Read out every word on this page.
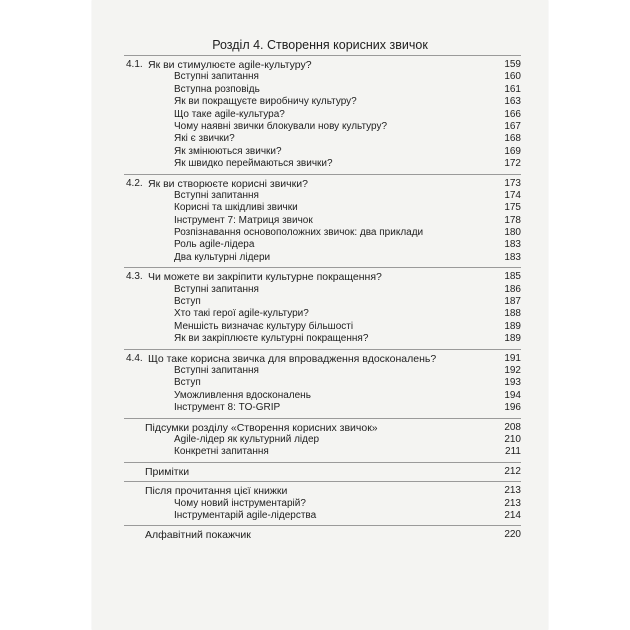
Розділ 4. Створення корисних звичок
4.1. Як ви стимулюєте agile-культуру?	159
Вступні запитання	160
Вступна розповідь	161
Як ви покращуєте виробничу культуру?	163
Що таке agile-культура?	166
Чому наявні звички блокували нову культуру?	167
Які є звички?	168
Як змінюються звички?	169
Як швидко переймаються звички?	172
4.2. Як ви створюєте корисні звички?	173
Вступні запитання	174
Корисні та шкідливі звички	175
Інструмент 7: Матриця звичок	178
Розпізнавання основоположних звичок: два приклади	180
Роль agile-лідера	183
Два культурні лідери	183
4.3. Чи можете ви закріпити культурне покращення?	185
Вступні запитання	186
Вступ	187
Хто такі герої agile-культури?	188
Меншість визначає культуру більшості	189
Як ви закріплюєте культурні покращення?	189
4.4. Що таке корисна звичка для впровадження вдосконалень?	191
Вступні запитання	192
Вступ	193
Уможливлення вдосконалень	194
Інструмент 8: TO-GRIP	196
Підсумки розділу «Створення корисних звичок»	208
Agile-лідер як культурний лідер	210
Конкретні запитання	211
Примітки	212
Після прочитання цієї книжки	213
Чому новий інструментарій?	213
Інструментарій agile-лідерства	214
Алфавітний покажчик	220
